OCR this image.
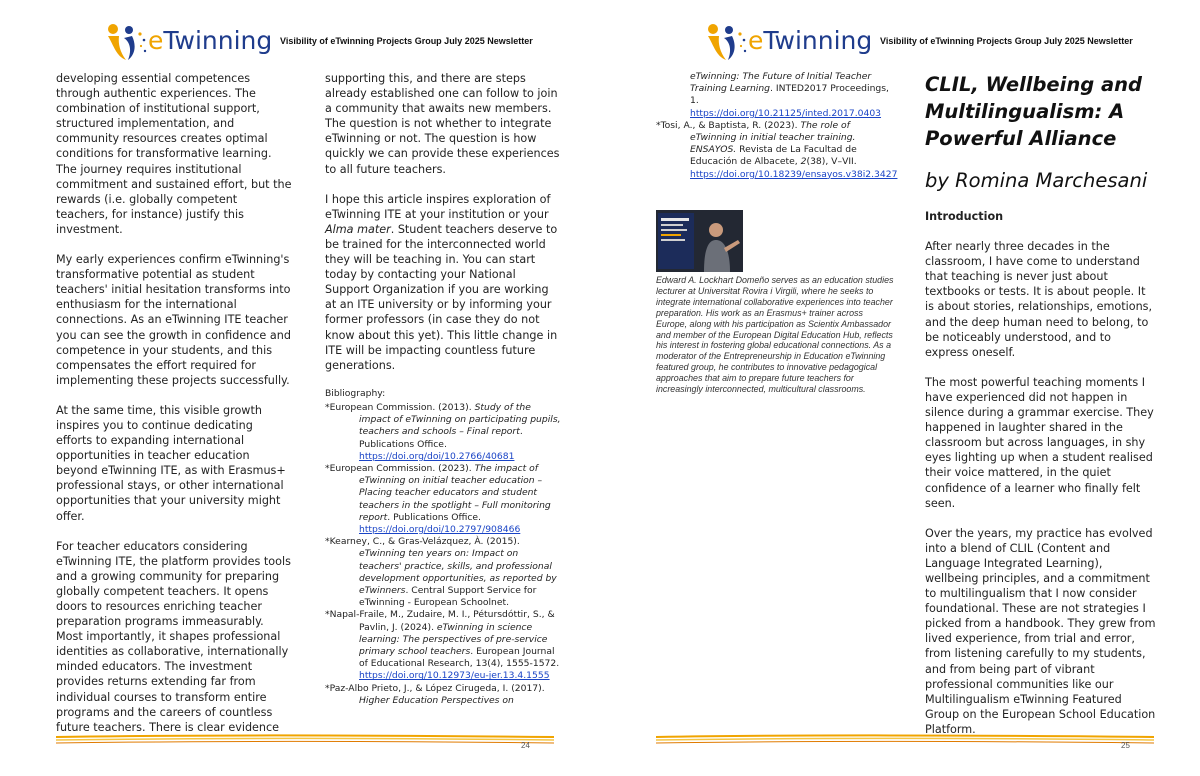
eTwinning Visibility of eTwinning Projects Group July 2025 Newsletter

developing essential competences through authentic experiences. The combination of institutional support, structured implementation, and community resources creates optimal conditions for transformative learning. The journey requires institutional commitment and sustained effort, but the rewards (i.e. globally competent teachers, for instance) justify this investment.

My early experiences confirm eTwinning's transformative potential as student teachers' initial hesitation transforms into enthusiasm for the international connections. As an eTwinning ITE teacher you can see the growth in confidence and competence in your students, and this compensates the effort required for implementing these projects successfully.

At the same time, this visible growth inspires you to continue dedicating efforts to expanding international opportunities in teacher education beyond eTwinning ITE, as with Erasmus+ professional stays, or other international opportunities that your university might offer.

For teacher educators considering eTwinning ITE, the platform provides tools and a growing community for preparing globally competent teachers. It opens doors to resources enriching teacher preparation programs immeasurably. Most importantly, it shapes professional identities as collaborative, internationally minded educators. The investment provides returns extending far from individual courses to transform entire programs and the careers of countless future teachers. There is clear evidence

supporting this, and there are steps already established one can follow to join a community that awaits new members. The question is not whether to integrate eTwinning or not. The question is how quickly we can provide these experiences to all future teachers.

I hope this article inspires exploration of eTwinning ITE at your institution or your Alma mater. Student teachers deserve to be trained for the interconnected world they will be teaching in. You can start today by contacting your National Support Organization if you are working at an ITE university or by informing your former professors (in case they do not know about this yet). This little change in ITE will be impacting countless future generations.

Bibliography:

*European Commission. (2013). Study of the impact of eTwinning on participating pupils, teachers and schools – Final report. Publications Office.
https://doi.org/doi/10.2766/40681

*European Commission. (2023). The impact of eTwinning on initial teacher education – Placing teacher educators and student teachers in the spotlight – Full monitoring report. Publications Office.
https://doi.org/doi/10.2797/908466

*Kearney, C., & Gras-Velázquez, À. (2015). eTwinning ten years on: Impact on teachers' practice, skills, and professional development opportunities, as reported by eTwinners. Central Support Service for eTwinning - European Schoolnet.

*Napal-Fraile, M., Zudaire, M. I., Pétursdóttir, S., & Pavlin, J. (2024). eTwinning in science learning: The perspectives of pre-service primary school teachers. European Journal of Educational Research, 13(4), 1555-1572.
https://doi.org/10.12973/eu-jer.13.4.1555

*Paz-Albo Prieto, J., & López Cirugeda, I. (2017). Higher Education Perspectives on

24
eTwinning Visibility of eTwinning Projects Group July 2025 Newsletter

eTwinning: The Future of Initial Teacher Training Learning. INTED2017 Proceedings, 1.
https://doi.org/10.21125/inted.2017.0403

*Tosi, A., & Baptista, R. (2023). The role of eTwinning in initial teacher training. ENSAYOS. Revista de La Facultad de Educación de Albacete, 2(38), V–VII.
https://doi.org/10.18239/ensayos.v38i2.3427

Edward A. Lockhart Domeño serves as an education studies lecturer at Universitat Rovira i Virgili, where he seeks to integrate international collaborative experiences into teacher preparation. His work as an Erasmus+ trainer across Europe, along with his participation as Scientix Ambassador and member of the European Digital Education Hub, reflects his interest in fostering global educational connections. As a moderator of the Entrepreneurship in Education eTwinning featured group, he contributes to innovative pedagogical approaches that aim to prepare future teachers for increasingly interconnected, multicultural classrooms.

CLIL, Wellbeing and Multilingualism: A Powerful Alliance

by Romina Marchesani

Introduction

After nearly three decades in the classroom, I have come to understand that teaching is never just about textbooks or tests. It is about people. It is about stories, relationships, emotions, and the deep human need to belong, to be noticeably understood, and to express oneself.

The most powerful teaching moments I have experienced did not happen in silence during a grammar exercise. They happened in laughter shared in the classroom but across languages, in shy eyes lighting up when a student realised their voice mattered, in the quiet confidence of a learner who finally felt seen.

Over the years, my practice has evolved into a blend of CLIL (Content and Language Integrated Learning), wellbeing principles, and a commitment to multilingualism that I now consider foundational. These are not strategies I picked from a handbook. They grew from lived experience, from trial and error, from listening carefully to my students, and from being part of vibrant professional communities like our Multilingualism eTwinning Featured Group on the European School Education Platform.

25
